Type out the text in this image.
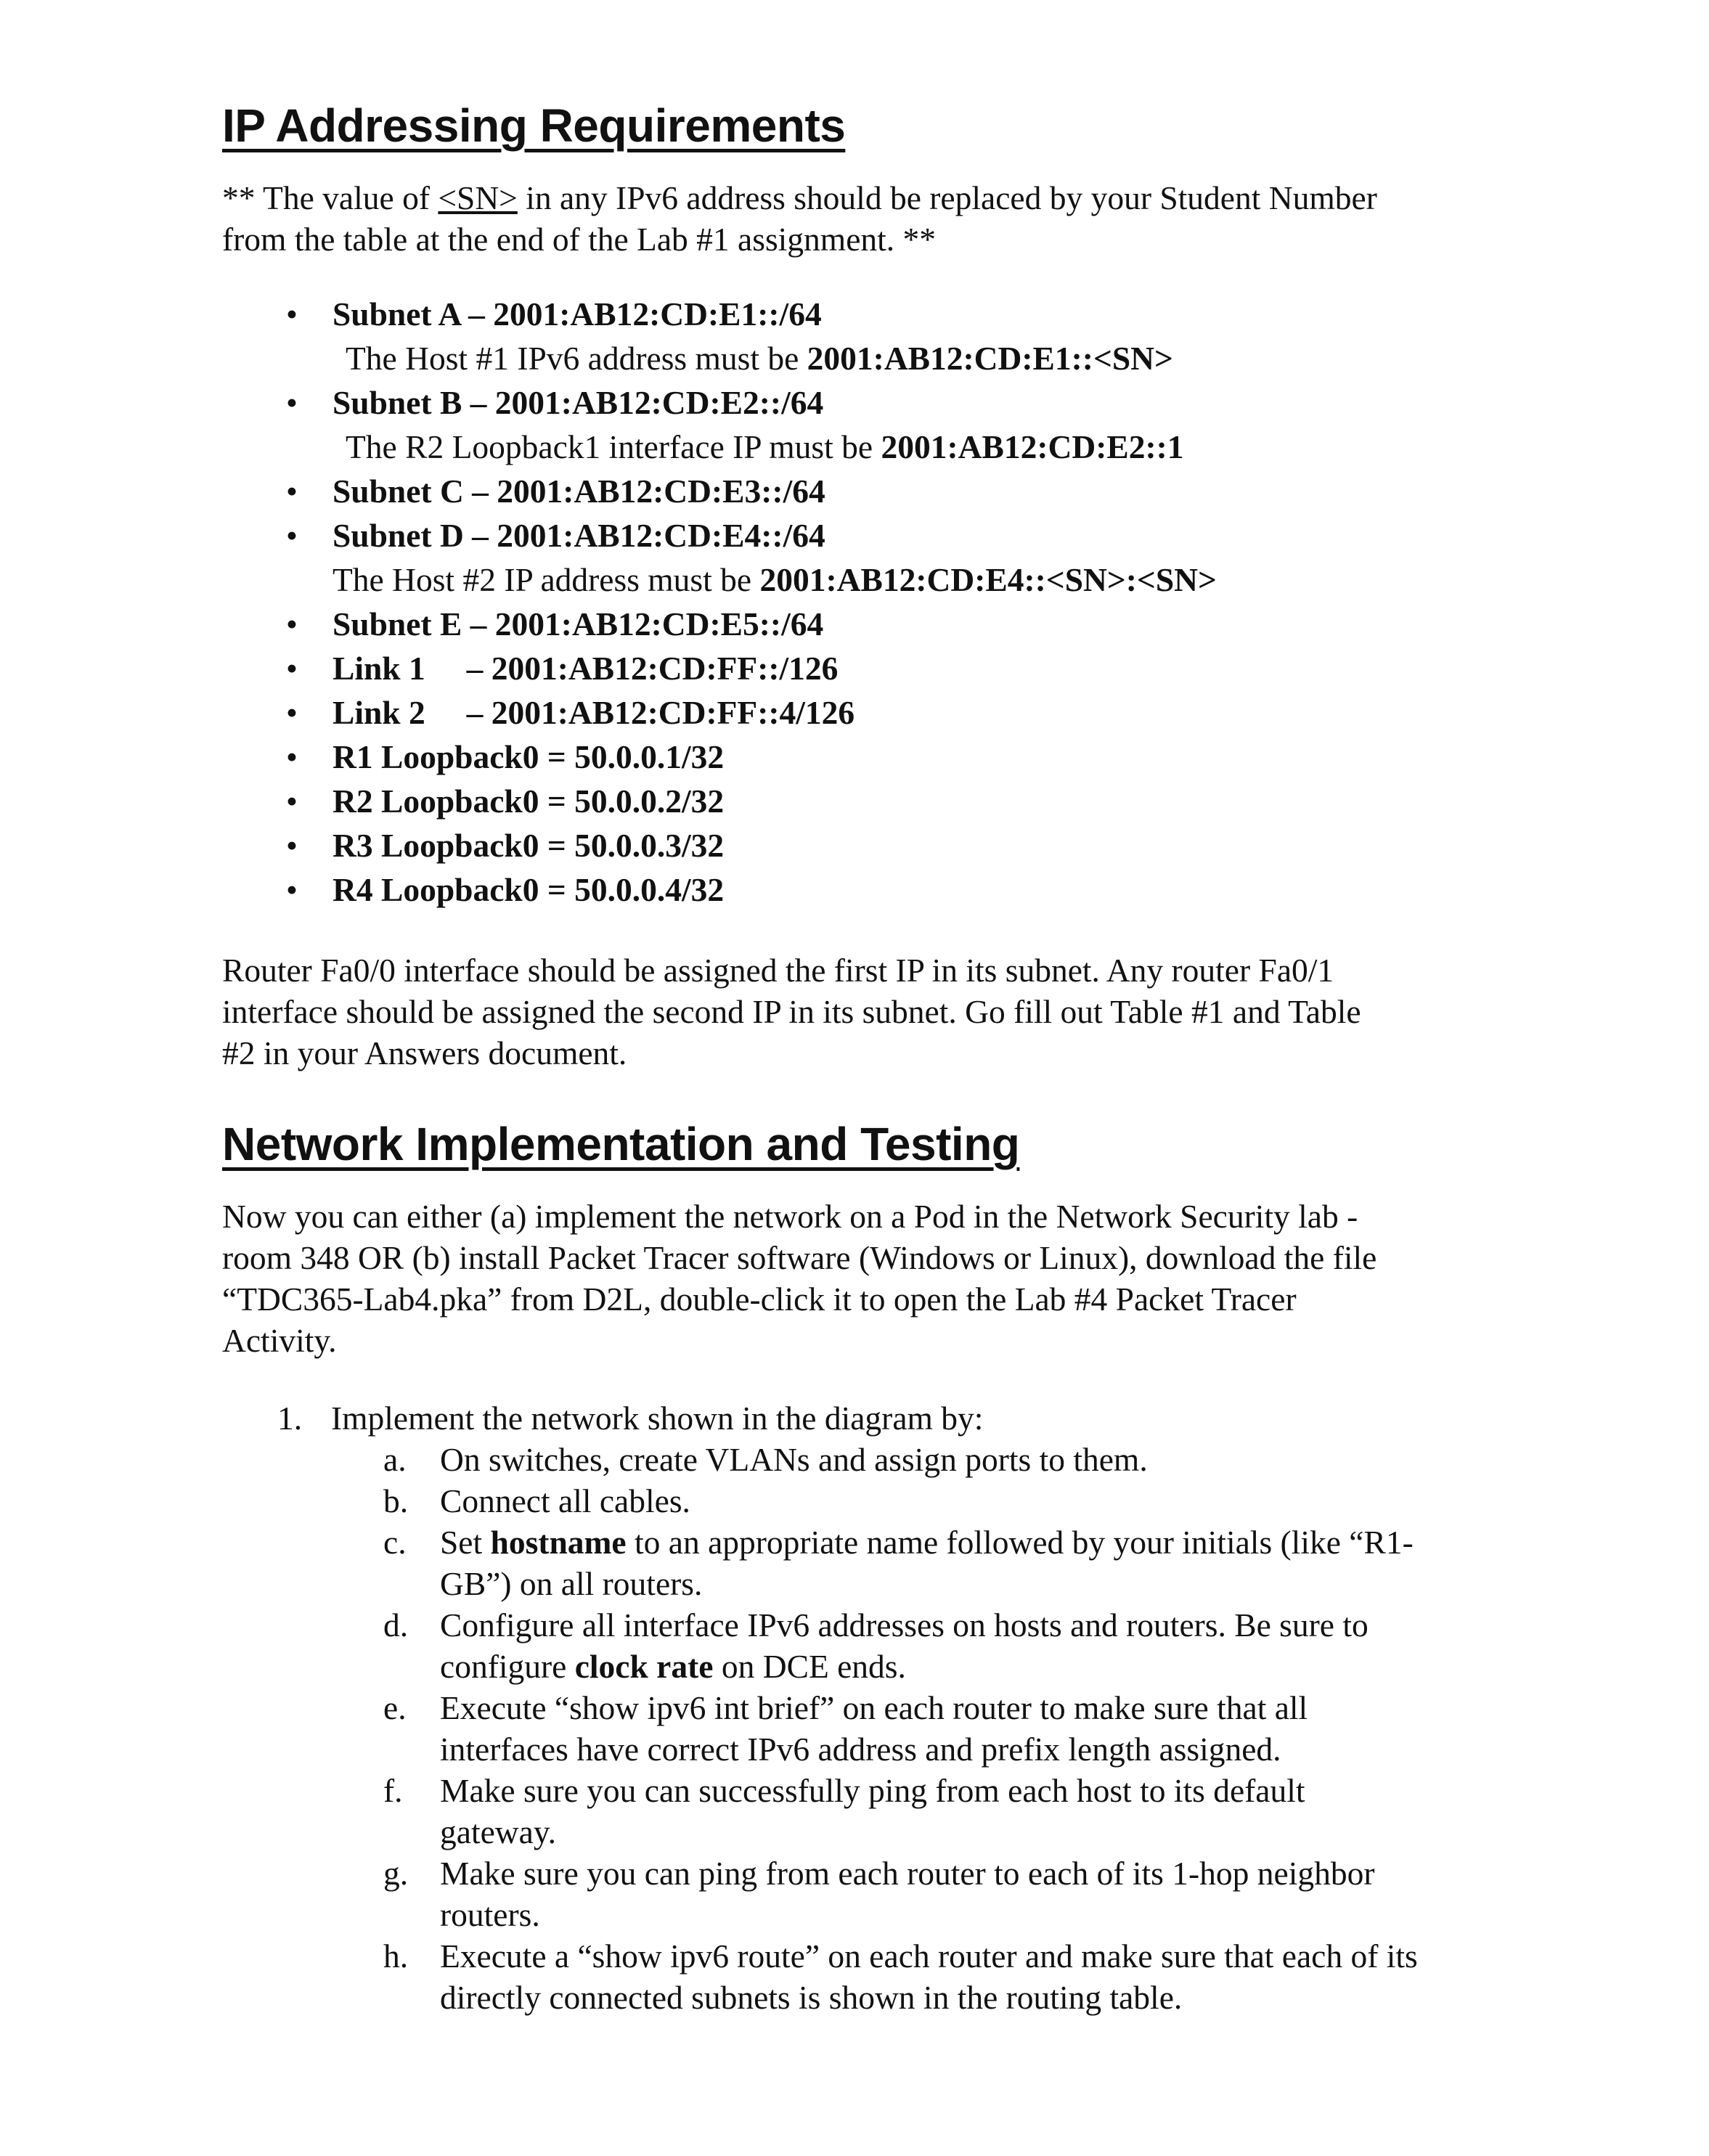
IP Addressing Requirements

** The value of <SN> in any IPv6 address should be replaced by your Student Number
from the table at the end of the Lab #1 assignment. **

• Subnet A – 2001:AB12:CD:E1::/64
The Host #1 IPv6 address must be 2001:AB12:CD:E1::<SN>
• Subnet B – 2001:AB12:CD:E2::/64
The R2 Loopback1 interface IP must be 2001:AB12:CD:E2::1
• Subnet C – 2001:AB12:CD:E3::/64
• Subnet D – 2001:AB12:CD:E4::/64
The Host #2 IP address must be 2001:AB12:CD:E4::<SN>:<SN>
• Subnet E – 2001:AB12:CD:E5::/64
• Link 1     – 2001:AB12:CD:FF::/126
• Link 2     – 2001:AB12:CD:FF::4/126
• R1 Loopback0 = 50.0.0.1/32
• R2 Loopback0 = 50.0.0.2/32
• R3 Loopback0 = 50.0.0.3/32
• R4 Loopback0 = 50.0.0.4/32

Router Fa0/0 interface should be assigned the first IP in its subnet. Any router Fa0/1
interface should be assigned the second IP in its subnet. Go fill out Table #1 and Table
#2 in your Answers document.

Network Implementation and Testing

Now you can either (a) implement the network on a Pod in the Network Security lab -
room 348 OR (b) install Packet Tracer software (Windows or Linux), download the file
“TDC365-Lab4.pka” from D2L, double-click it to open the Lab #4 Packet Tracer
Activity.

1. Implement the network shown in the diagram by:
a. On switches, create VLANs and assign ports to them.
b. Connect all cables.
c. Set hostname to an appropriate name followed by your initials (like “R1-
GB”) on all routers.
d. Configure all interface IPv6 addresses on hosts and routers. Be sure to
configure clock rate on DCE ends.
e. Execute “show ipv6 int brief” on each router to make sure that all
interfaces have correct IPv6 address and prefix length assigned.
f. Make sure you can successfully ping from each host to its default
gateway.
g. Make sure you can ping from each router to each of its 1-hop neighbor
routers.
h. Execute a “show ipv6 route” on each router and make sure that each of its
directly connected subnets is shown in the routing table.
